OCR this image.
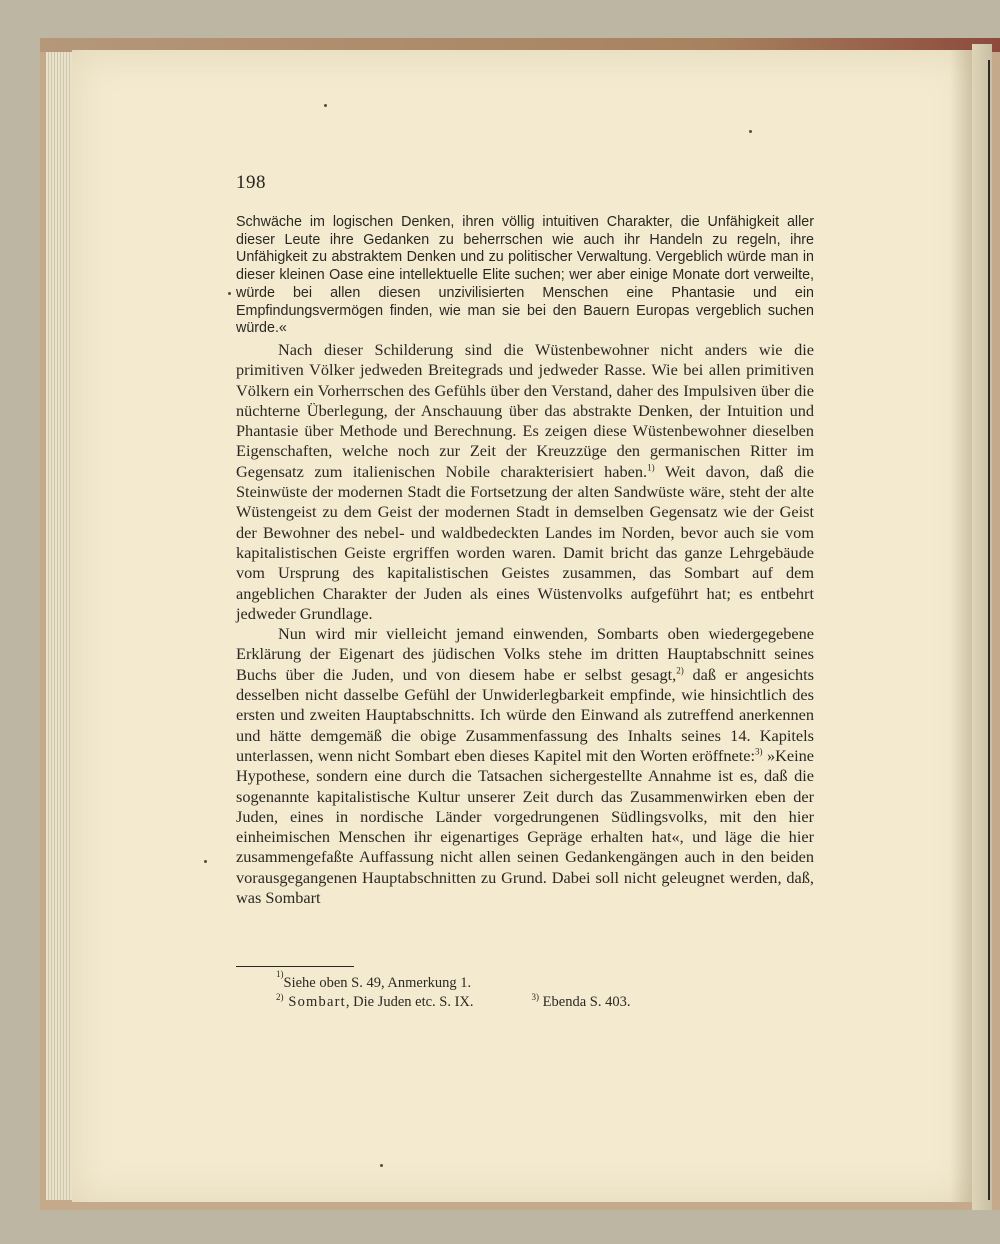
198
Schwäche im logischen Denken, ihren völlig intuitiven Charakter, die Unfähigkeit aller dieser Leute ihre Gedanken zu beherrschen wie auch ihr Handeln zu regeln, ihre Unfähigkeit zu abstraktem Denken und zu politischer Verwaltung. Vergeblich würde man in dieser kleinen Oase eine intellektuelle Elite suchen; wer aber einige Monate dort verweilte, würde bei allen diesen unzivilisierten Menschen eine Phantasie und ein Empfindungsvermögen finden, wie man sie bei den Bauern Europas vergeblich suchen würde.«

Nach dieser Schilderung sind die Wüstenbewohner nicht anders wie die primitiven Völker jedweden Breitegrads und jedweder Rasse. Wie bei allen primitiven Völkern ein Vorherrschen des Gefühls über den Verstand, daher des Impulsiven über die nüchterne Überlegung, der Anschauung über das abstrakte Denken, der Intuition und Phantasie über Methode und Berechnung. Es zeigen diese Wüstenbewohner dieselben Eigenschaften, welche noch zur Zeit der Kreuzzüge den germanischen Ritter im Gegensatz zum italienischen Nobile charakterisiert haben.$^{1)}$ Weit davon, daß die Steinwüste der modernen Stadt die Fortsetzung der alten Sandwüste wäre, steht der alte Wüstengeist zu dem Geist der modernen Stadt in demselben Gegensatz wie der Geist der Bewohner des nebel- und waldbedeckten Landes im Norden, bevor auch sie vom kapitalistischen Geiste ergriffen worden waren. Damit bricht das ganze Lehrgebäude vom Ursprung des kapitalistischen Geistes zusammen, das Sombart auf dem angeblichen Charakter der Juden als eines Wüstenvolks aufgeführt hat; es entbehrt jedweder Grundlage.

Nun wird mir vielleicht jemand einwenden, Sombarts oben wiedergegebene Erklärung der Eigenart des jüdischen Volks stehe im dritten Hauptabschnitt seines Buchs über die Juden, und von diesem habe er selbst gesagt,$^{2)}$ daß er angesichts desselben nicht dasselbe Gefühl der Unwiderlegbarkeit empfinde, wie hinsichtlich des ersten und zweiten Hauptabschnitts. Ich würde den Einwand als zutreffend anerkennen und hätte demgemäß die obige Zusammenfassung des Inhalts seines 14. Kapitels unterlassen, wenn nicht Sombart eben dieses Kapitel mit den Worten eröffnete:$^{3)}$ »Keine Hypothese, sondern eine durch die Tatsachen sichergestellte Annahme ist es, daß die sogenannte kapitalistische Kultur unserer Zeit durch das Zusammenwirken eben der Juden, eines in nordische Länder vorgedrungenen Südlingsvolks, mit den hier einheimischen Menschen ihr eigenartiges Gepräge erhalten hat«, und läge die hier zusammengefaßte Auffassung nicht allen seinen Gedankengängen auch in den beiden vorausgegangenen Hauptabschnitten zu Grund. Dabei soll nicht geleugnet werden, daß, was Sombart

1)
Siehe oben S. 49, Anmerkung 1.
$^{2)}$ Sombart, Die Juden etc. S. IX.	$^{3)}$ Ebenda S. 403.
